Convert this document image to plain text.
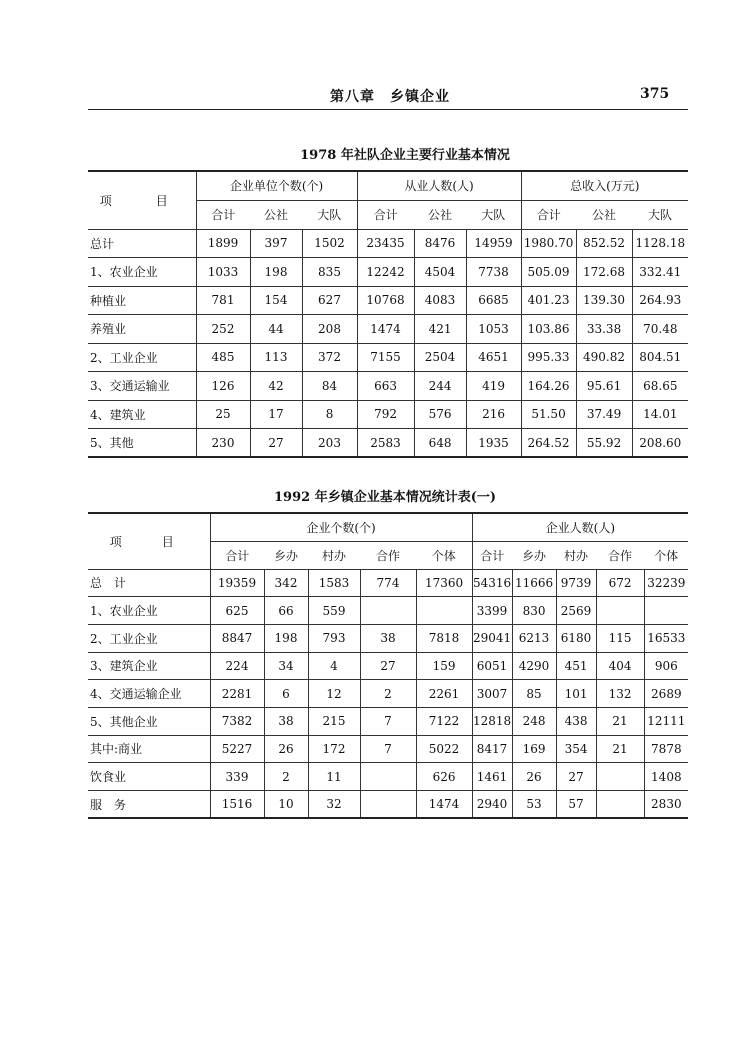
第八章　乡镇企业	375
1978 年社队企业主要行业基本情况
项　目	企业单位个数(个)			从业人数(人)			总收入(万元)		
	合计	公社	大队	合计	公社	大队	合计	公社	大队
总计	1899	397	1502	23435	8476	14959	1980.70	852.52	1128.18
1、农业企业	1033	198	835	12242	4504	7738	505.09	172.68	332.41
种植业	781	154	627	10768	4083	6685	401.23	139.30	264.93
养殖业	252	44	208	1474	421	1053	103.86	33.38	70.48
2、工业企业	485	113	372	7155	2504	4651	995.33	490.82	804.51
3、交通运输业	126	42	84	663	244	419	164.26	95.61	68.65
4、建筑业	25	17	8	792	576	216	51.50	37.49	14.01
5、其他	230	27	203	2583	648	1935	264.52	55.92	208.60
1992 年乡镇企业基本情况统计表(一)
项　目	企业个数(个)					企业人数(人)				
	合计	乡办	村办	合作	个体	合计	乡办	村办	合作	个体
总　计	19359	342	1583	774	17360	54316	11666	9739	672	32239
1、农业企业	625	66	559			3399	830	2569		
2、工业企业	8847	198	793	38	7818	29041	6213	6180	115	16533
3、建筑企业	224	34	4	27	159	6051	4290	451	404	906
4、交通运输企业	2281	6	12	2	2261	3007	85	101	132	2689
5、其他企业	7382	38	215	7	7122	12818	248	438	21	12111
其中:商业	5227	26	172	7	5022	8417	169	354	21	7878
饮食业	339	2	11		626	1461	26	27		1408
服　务	1516	10	32		1474	2940	53	57		2830
